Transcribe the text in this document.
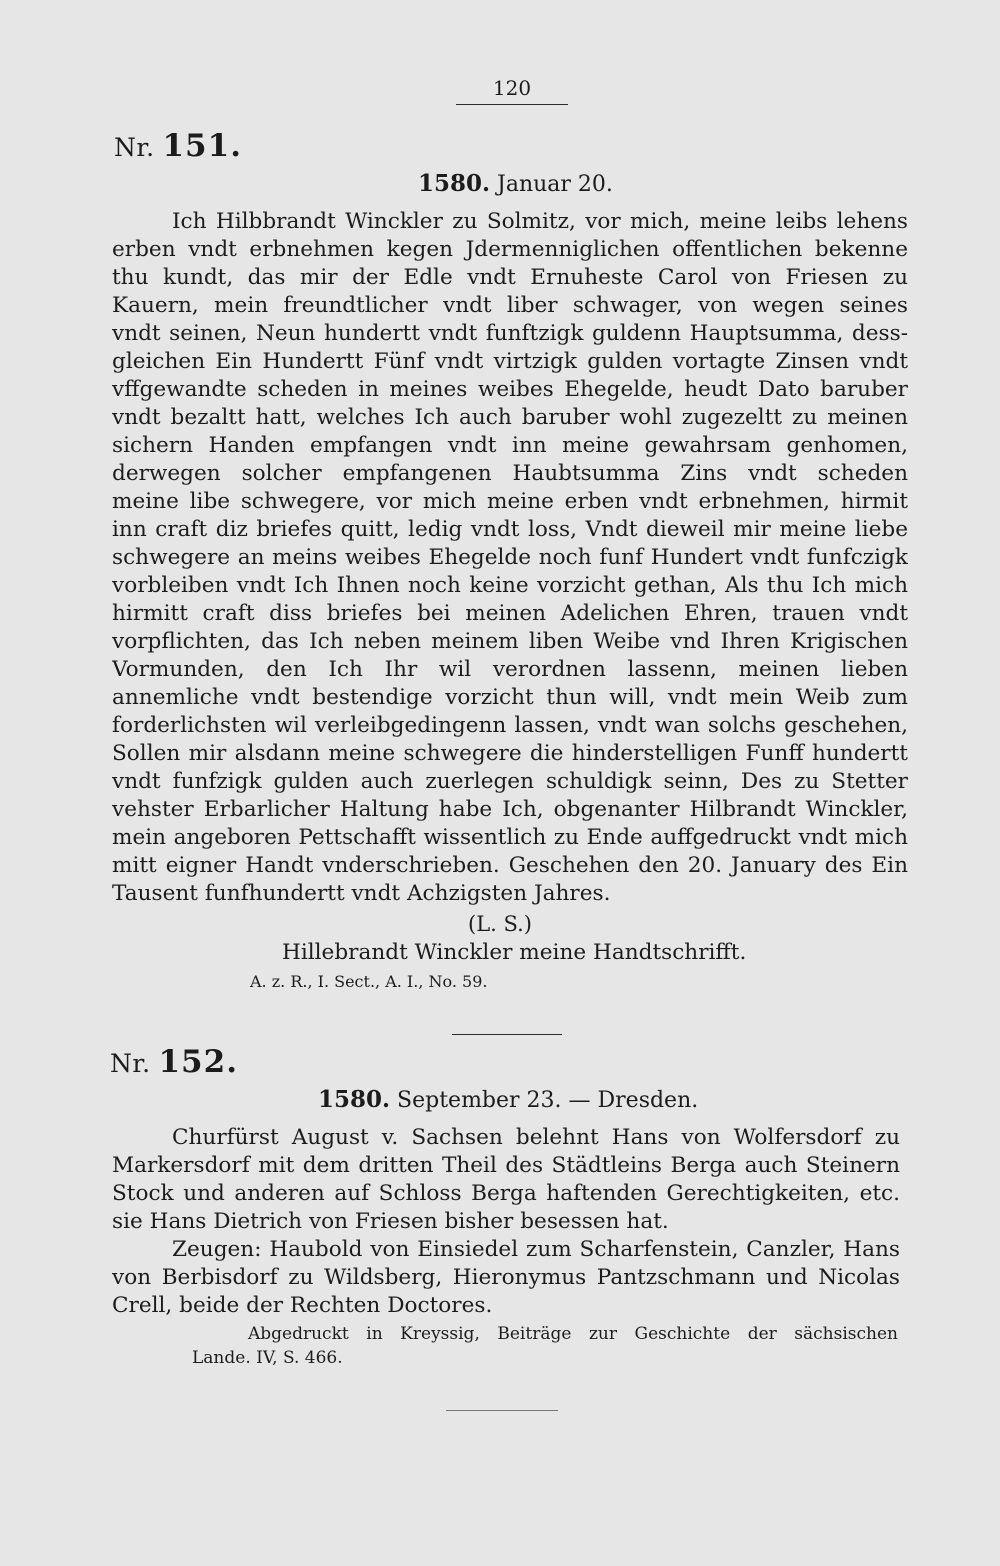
120
Nr. 151.
1580. Januar 20.
Ich Hilbbrandt Winckler zu Solmitz, vor mich, meine leibs lehens
erben vndt erbnehmen kegen Jdermenniglichen offentlichen bekenne
thu kundt, das mir der Edle vndt Ernuheste Carol von Friesen zu
Kauern, mein freundtlicher vndt liber schwager, von wegen seines
vndt seinen, Neun hundertt vndt funftzigk guldenn Hauptsumma, dess-
gleichen Ein Hundertt Fünf vndt virtzigk gulden vortagte Zinsen vndt
vffgewandte scheden in meines weibes Ehegelde, heudt Dato baruber
vndt bezaltt hatt, welches Ich auch baruber wohl zugezeltt zu meinen
sichern Handen empfangen vndt inn meine gewahrsam genhomen,
derwegen solcher empfangenen Haubtsumma Zins vndt scheden
meine libe schwegere, vor mich meine erben vndt erbnehmen, hirmit
inn craft diz briefes quitt, ledig vndt loss, Vndt dieweil mir meine liebe
schwegere an meins weibes Ehegelde noch funf Hundert vndt funfczigk
vorbleiben vndt Ich Ihnen noch keine vorzicht gethan, Als thu Ich mich
hirmitt craft diss briefes bei meinen Adelichen Ehren, trauen vndt
vorpflichten, das Ich neben meinem liben Weibe vnd Ihren Krigischen
Vormunden, den Ich Ihr wil verordnen lassenn, meinen lieben
annemliche vndt bestendige vorzicht thun will, vndt mein Weib zum
forderlichsten wil verleibgedingenn lassen, vndt wan solchs geschehen,
Sollen mir alsdann meine schwegere die hinderstelligen Funff hundertt
vndt funfzigk gulden auch zuerlegen schuldigk seinn, Des zu Stetter
vehster Erbarlicher Haltung habe Ich, obgenanter Hilbrandt Winckler,
mein angeboren Pettschafft wissentlich zu Ende auffgedruckt vndt mich
mitt eigner Handt vnderschrieben. Geschehen den 20. January des Ein
Tausent funfhundertt vndt Achzigsten Jahres.
(L. S.)
Hillebrandt Winckler meine Handtschrifft.
A. z. R., I. Sect., A. I., No. 59.
Nr. 152.
1580. September 23. — Dresden.
Churfürst August v. Sachsen belehnt Hans von Wolfersdorf zu
Markersdorf mit dem dritten Theil des Städtleins Berga auch Steinern
Stock und anderen auf Schloss Berga haftenden Gerechtigkeiten, etc.
sie Hans Dietrich von Friesen bisher besessen hat.
Zeugen: Haubold von Einsiedel zum Scharfenstein, Canzler, Hans
von Berbisdorf zu Wildsberg, Hieronymus Pantzschmann und Nicolas
Crell, beide der Rechten Doctores.
Abgedruckt in Kreyssig, Beiträge zur Geschichte der sächsischen
Lande. IV, S. 466.
